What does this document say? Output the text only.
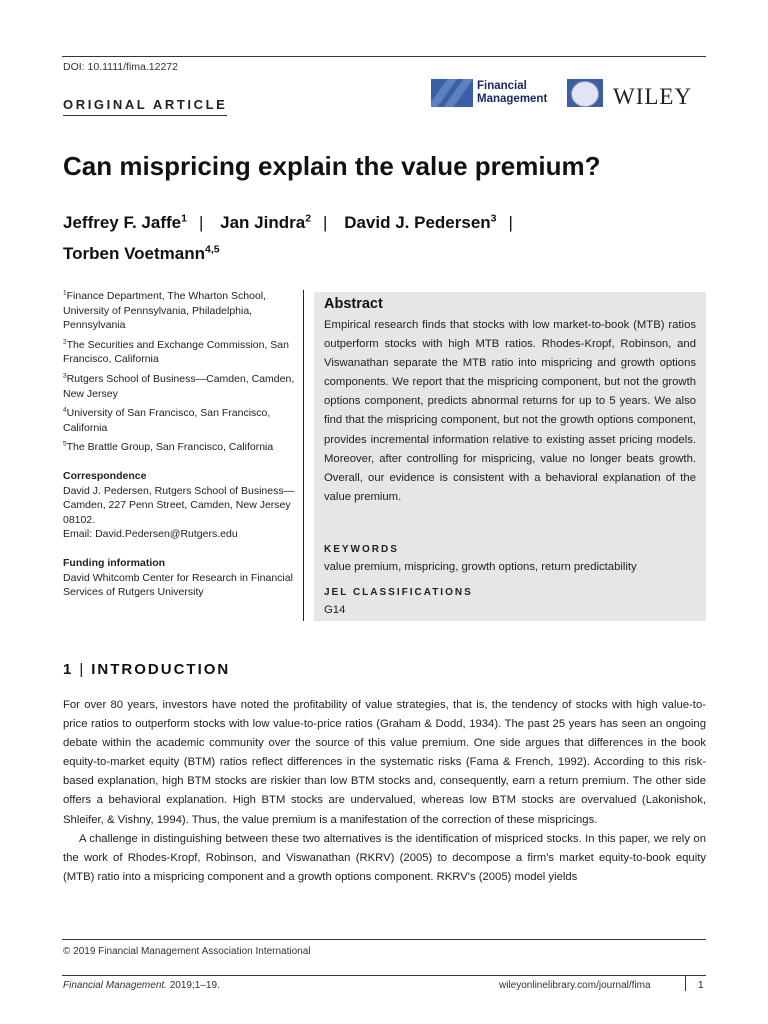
DOI: 10.1111/fima.12272
ORIGINAL ARTICLE
Financial
Management	WILEY
Can mispricing explain the value premium?
Jeffrey F. Jaffe$^1$ | Jan Jindra$^2$ | David J. Pedersen$^3$ |
Torben Voetmann$^{4,5}$

$^1$Finance Department, The Wharton School, University of Pennsylvania, Philadelphia, Pennsylvania

$^2$The Securities and Exchange Commission, San Francisco, California

$^3$Rutgers School of Business—Camden, Camden, New Jersey

$^4$University of San Francisco, San Francisco, California

$^5$The Brattle Group, San Francisco, California

Correspondence

David J. Pedersen, Rutgers School of Business—Camden, 227 Penn Street, Camden, New Jersey 08102.

Email: David.Pedersen@Rutgers.edu

Funding information

David Whitcomb Center for Research in Financial Services of Rutgers University

Abstract

Empirical research finds that stocks with low market-to-book (MTB) ratios outperform stocks with high MTB ratios. Rhodes-Kropf, Robinson, and Viswanathan separate the MTB ratio into mispricing and growth options components. We report that the mispricing component, but not the growth options component, predicts abnormal returns for up to 5 years. We also find that the mispricing component, but not the growth options component, provides incremental information relative to existing asset pricing models. Moreover, after controlling for mispricing, value no longer beats growth. Overall, our evidence is consistent with a behavioral explanation of the value premium.

KEYWORDS
value premium, mispricing, growth options, return predictability
JEL CLASSIFICATIONS
G14
1 | INTRODUCTION

For over 80 years, investors have noted the profitability of value strategies, that is, the tendency of stocks with high value-to-price ratios to outperform stocks with low value-to-price ratios (Graham & Dodd, 1934). The past 25 years has seen an ongoing debate within the academic community over the source of this value premium. One side argues that differences in the book equity-to-market equity (BTM) ratios reflect differences in the systematic risks (Fama & French, 1992). According to this risk-based explanation, high BTM stocks are riskier than low BTM stocks and, consequently, earn a return premium. The other side offers a behavioral explanation. High BTM stocks are undervalued, whereas low BTM stocks are overvalued (Lakonishok, Shleifer, & Vishny, 1994). Thus, the value premium is a manifestation of the correction of these mispricings.

A challenge in distinguishing between these two alternatives is the identification of mispriced stocks. In this paper, we rely on the work of Rhodes-Kropf, Robinson, and Viswanathan (RKRV) (2005) to decompose a firm's market equity-to-book equity (MTB) ratio into a mispricing component and a growth options component. RKRV's (2005) model yields

© 2019 Financial Management Association International
Financial Management. 2019;1–19.	wileyonlinelibrary.com/journal/fima	1
